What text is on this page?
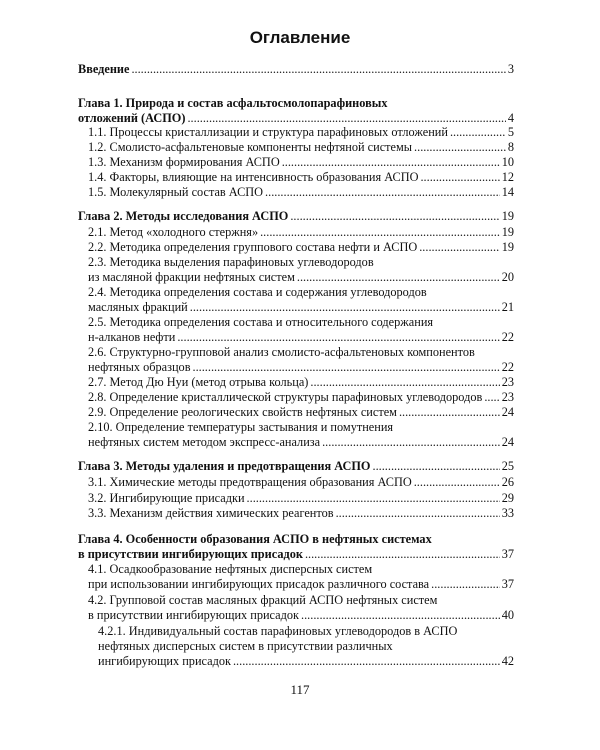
Оглавление
Введение .....	3
Глава 1. Природа и состав асфальтосмолопарафиновых
отложений (АСПО) .....	4
1.1. Процессы кристаллизации и структура парафиновых отложений .....	5
1.2. Смолисто-асфальтеновые компоненты нефтяной системы .....	8
1.3. Механизм формирования АСПО .....	10
1.4. Факторы, влияющие на интенсивность образования АСПО .....	12
1.5. Молекулярный состав АСПО .....	14
Глава 2. Методы исследования АСПО .....	19
2.1. Метод «холодного стержня» .....	19
2.2. Методика определения группового состава нефти и АСПО .....	19
2.3. Методика выделения парафиновых углеводородов
из масляной фракции нефтяных систем .....	20
2.4. Методика определения состава и содержания углеводородов
масляных фракций .....	21
2.5. Методика определения состава и относительного содержания
н-алканов нефти .....	22
2.6. Структурно-групповой анализ смолисто-асфальтеновых компонентов
нефтяных образцов .....	22
2.7. Метод Дю Нуи (метод отрыва кольца) .....	23
2.8. Определение кристаллической структуры парафиновых углеводородов ..... 23
2.9. Определение реологических свойств нефтяных систем .....	24
2.10. Определение температуры застывания и помутнения
нефтяных систем методом экспресс-анализа .....	24
Глава 3. Методы удаления и предотвращения АСПО .....	25
3.1. Химические методы предотвращения образования АСПО .....	26
3.2. Ингибирующие присадки .....	29
3.3. Механизм действия химических реагентов .....	33
Глава 4. Особенности образования АСПО в нефтяных системах
в присутствии ингибирующих присадок .....	37
4.1. Осадкообразование нефтяных дисперсных систем
при использовании ингибирующих присадок различного состава .....	37
4.2. Групповой состав масляных фракций АСПО нефтяных систем
в присутствии ингибирующих присадок .....	40
4.2.1. Индивидуальный состав парафиновых углеводородов в АСПО
нефтяных дисперсных систем в присутствии различных
ингибирующих присадок .....	42
117
